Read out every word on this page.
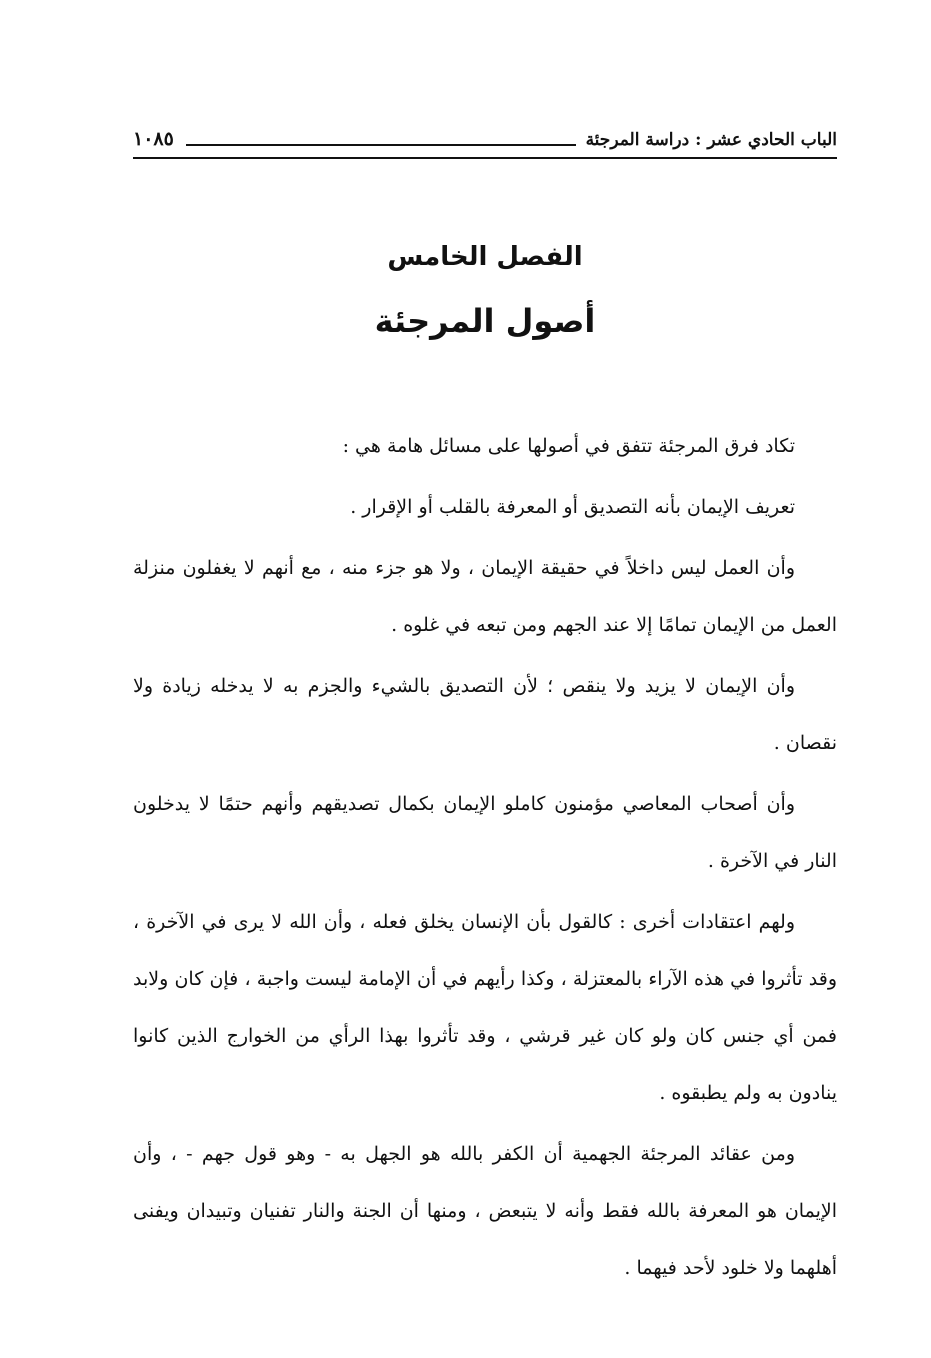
الباب الحادي عشر : دراسة المرجئة
١٠٨٥
الفصل الخامس
أصول المرجئة

تكاد فرق المرجئة تتفق في أصولها على مسائل هامة هي :

تعريف الإيمان بأنه التصديق أو المعرفة بالقلب أو الإقرار .

وأن العمل ليس داخلاً في حقيقة الإيمان ، ولا هو جزء منه ، مع أنهم لا يغفلون منزلة العمل من الإيمان تمامًا إلا عند الجهم ومن تبعه في غلوه .

وأن الإيمان لا يزيد ولا ينقص ؛ لأن التصديق بالشيء والجزم به لا يدخله زيادة ولا نقصان .

وأن أصحاب المعاصي مؤمنون كاملو الإيمان بكمال تصديقهم وأنهم حتمًا لا يدخلون النار في الآخرة .

ولهم اعتقادات أخرى : كالقول بأن الإنسان يخلق فعله ، وأن الله لا يرى في الآخرة ، وقد تأثروا في هذه الآراء بالمعتزلة ، وكذا رأيهم في أن الإمامة ليست واجبة ، فإن كان ولابد فمن أي جنس كان ولو كان غير قرشي ، وقد تأثروا بهذا الرأي من الخوارج الذين كانوا ينادون به ولم يطبقوه .

ومن عقائد المرجئة الجهمية أن الكفر بالله هو الجهل به - وهو قول جهم - ، وأن الإيمان هو المعرفة بالله فقط وأنه لا يتبعض ، ومنها أن الجنة والنار تفنيان وتبيدان ويفنى أهلهما ولا خلود لأحد فيهما .
